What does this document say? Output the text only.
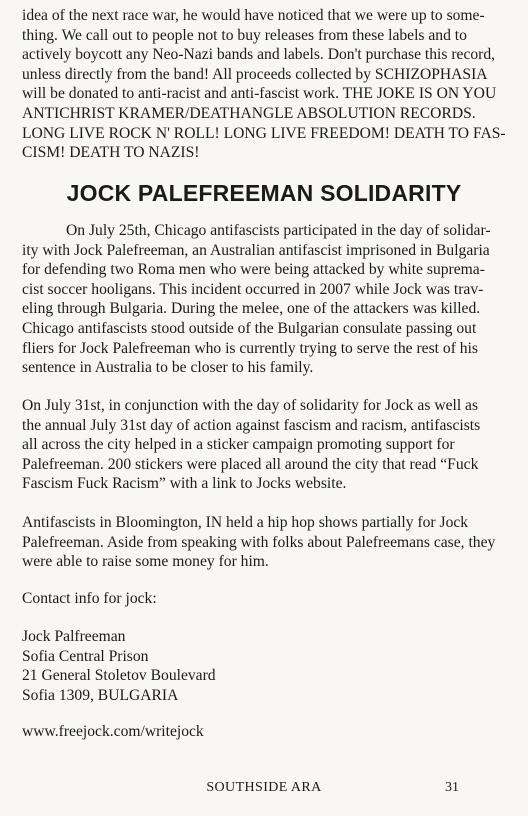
idea of the next race war, he would have noticed that we were up to some-
thing. We call out to people not to buy releases from these labels and to
actively boycott any Neo-Nazi bands and labels. Don't purchase this record,
unless directly from the band! All proceeds collected by SCHIZOPHASIA
will be donated to anti-racist and anti-fascist work. THE JOKE IS ON YOU
ANTICHRIST KRAMER/DEATHANGLE ABSOLUTION RECORDS.
LONG LIVE ROCK N' ROLL! LONG LIVE FREEDOM! DEATH TO FAS-
CISM! DEATH TO NAZIS!

JOCK PALEFREEMAN SOLIDARITY

On July 25th, Chicago antifascists participated in the day of solidar-
ity with Jock Palefreeman, an Australian antifascist imprisoned in Bulgaria
for defending two Roma men who were being attacked by white suprema-
cist soccer hooligans. This incident occurred in 2007 while Jock was trav-
eling through Bulgaria. During the melee, one of the attackers was killed.
Chicago antifascists stood outside of the Bulgarian consulate passing out
fliers for Jock Palefreeman who is currently trying to serve the rest of his
sentence in Australia to be closer to his family.

On July 31st, in conjunction with the day of solidarity for Jock as well as
the annual July 31st day of action against fascism and racism, antifascists
all across the city helped in a sticker campaign promoting support for
Palefreeman. 200 stickers were placed all around the city that read “Fuck
Fascism Fuck Racism” with a link to Jocks website.

Antifascists in Bloomington, IN held a hip hop shows partially for Jock
Palefreeman. Aside from speaking with folks about Palefreemans case, they
were able to raise some money for him.

Contact info for jock:

Jock Palfreeman
Sofia Central Prison
21 General Stoletov Boulevard
Sofia 1309, BULGARIA

www.freejock.com/writejock

SOUTHSIDE ARA	31
